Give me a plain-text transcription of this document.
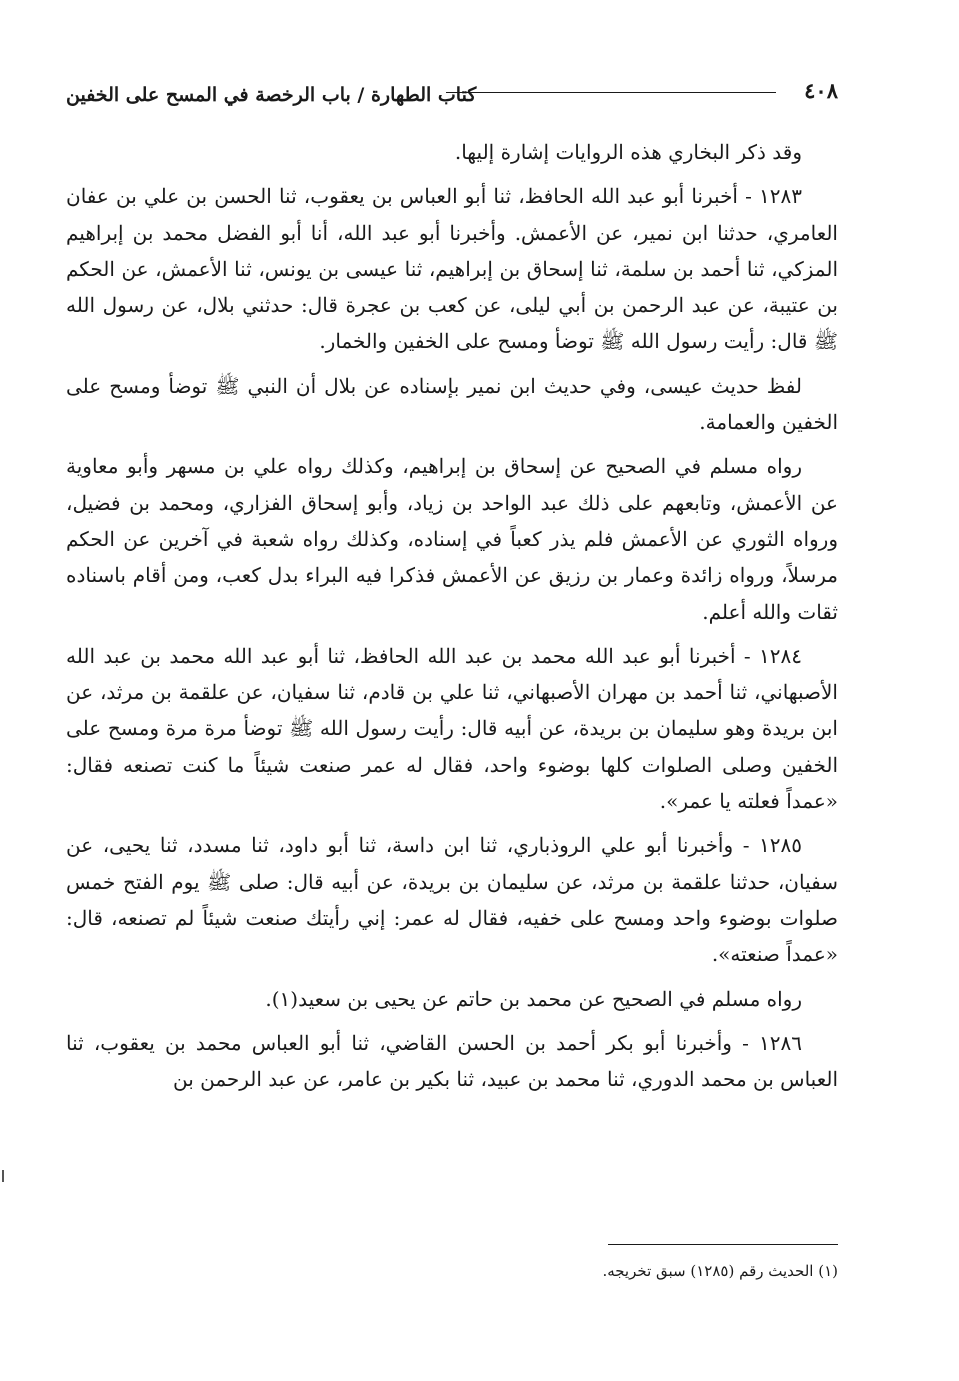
٤٠٨
كتاب الطهارة / باب الرخصة في المسح على الخفين

وقد ذكر البخاري هذه الروايات إشارة إليها.

١٢٨٣ - أخبرنا أبو عبد الله الحافظ، ثنا أبو العباس بن يعقوب، ثنا الحسن بن علي بن عفان العامري، حدثنا ابن نمير، عن الأعمش. وأخبرنا أبو عبد الله، أنا أبو الفضل محمد بن إبراهيم المزكي، ثنا أحمد بن سلمة، ثنا إسحاق بن إبراهيم، ثنا عيسى بن يونس، ثنا الأعمش، عن الحكم بن عتيبة، عن عبد الرحمن بن أبي ليلى، عن كعب بن عجرة قال: حدثني بلال، عن رسول الله ﷺ قال: رأيت رسول الله ﷺ توضأ ومسح على الخفين والخمار.

لفظ حديث عيسى، وفي حديث ابن نمير بإسناده عن بلال أن النبي ﷺ توضأ ومسح على الخفين والعمامة.

رواه مسلم في الصحيح عن إسحاق بن إبراهيم، وكذلك رواه علي بن مسهر وأبو معاوية عن الأعمش، وتابعهم على ذلك عبد الواحد بن زياد، وأبو إسحاق الفزاري، ومحمد بن فضيل، ورواه الثوري عن الأعمش فلم يذر كعباً في إسناده، وكذلك رواه شعبة في آخرين عن الحكم مرسلاً، ورواه زائدة وعمار بن رزيق عن الأعمش فذكرا فيه البراء بدل كعب، ومن أقام باسناده ثقات والله أعلم.

١٢٨٤ - أخبرنا أبو عبد الله محمد بن عبد الله الحافظ، ثنا أبو عبد الله محمد بن عبد الله الأصبهاني، ثنا أحمد بن مهران الأصبهاني، ثنا علي بن قادم، ثنا سفيان، عن علقمة بن مرثد، عن ابن بريدة وهو سليمان بن بريدة، عن أبيه قال: رأيت رسول الله ﷺ توضأ مرة مرة ومسح على الخفين وصلى الصلوات كلها بوضوء واحد، فقال له عمر صنعت شيئاً ما كنت تصنعه فقال: «عمداً فعلته يا عمر».

١٢٨٥ - وأخبرنا أبو علي الروذباري، ثنا ابن داسة، ثنا أبو داود، ثنا مسدد، ثنا يحيى، عن سفيان، حدثنا علقمة بن مرثد، عن سليمان بن بريدة، عن أبيه قال: صلى ﷺ يوم الفتح خمس صلوات بوضوء واحد ومسح على خفيه، فقال له عمر: إني رأيتك صنعت شيئاً لم تصنعه، قال: «عمداً صنعته».

رواه مسلم في الصحيح عن محمد بن حاتم عن يحيى بن سعيد(١).

١٢٨٦ - وأخبرنا أبو بكر أحمد بن الحسن القاضي، ثنا أبو العباس محمد بن يعقوب، ثنا العباس بن محمد الدوري، ثنا محمد بن عبيد، ثنا بكير بن عامر، عن عبد الرحمن بن

(١) الحديث رقم (١٢٨٥) سبق تخريجه.
